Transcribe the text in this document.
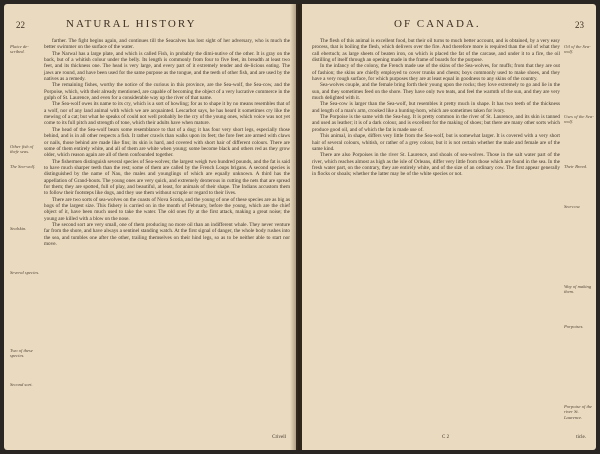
22	NATURAL HISTORY
Plaice de-scribed.
Other fish of thefe seas.
The Sea-wolf.
Sealskin.
Several species.
Two of these species.
Second sort.

farther. The fight begins again, and continues till the Seacalves has lost sight of her adversary, who is much the better swimmer on the surface of the water.

The Narwal has a large plate, and which is called Fish, in probably the dimi-nutive of the other. It is gray on the back, but of a whitish colour under the belly. Its length is commonly from four to five feet, its breadth at least two feet, and its thickness one. The head is very large, and every part of it extremely tender and de-licious eating. The jaws are round, and have been used for the same purpose as the tongue, and the teeth of other fish, and are used by the natives as a remedy.

The remaining fishes, worthy the notice of the curious in this province, are the Sea-wolf, the Sea-cow, and the Porpoise, which, with their already mentioned, are capable of becoming the object of a very lucrative commerce in the gulph of St. Laurence, and even for a considerable way up the river of that name.

The Sea-wolf owes its name to its cry, which is a sort of howling; for as to shape it by no means resembles that of a wolf, nor of any land animal with which we are acquainted. Lescarbot says, he has heard it sometimes cry like the mewing of a cat; but what he speaks of could not well probably be the cry of the young ones, which voice was not yet come to its full pitch and strength of tone, which their adults have when mature.

The head of the Sea-wolf bears some resemblance to that of a dog; it has four very short legs, especially those behind, and is in all other respects a fish. It rather crawls than walks upon its feet; the fore feet are armed with claws or nails, those behind are made like fins; its skin is hard, and covered with short hair of different colours. There are some of them entirely white, and all of them are white when young; some become black and others red as they grow older, which reason again are all of them confounded together.

The fishermen distinguish several species of Sea-wolves; the largest weigh two hundred pounds, and the fat is said to have much sharper teeth than the rest; some of them are called by the French Loups brigans. A second species is distinguished by the name of Nau, the males and younglings of which are equally unknown. A third has the appellation of Grand-bouts. The young ones are very quick, and extremely dexterous in cutting the nets that are spread for them; they are spotted, full of play, and beautiful, at least, for animals of their shape. The Indians accustom them to follow their footsteps like dogs, and they use them without scruple or regard to their lives.

There are two sorts of sea-wolves on the coasts of Nova Scotia, and the young of one of these species are as big as hogs of the largest size. This fishery is carried on in the month of February, before the young, which are the chief object of it, have been much used to take the water. The old ones fly at the first attack, making a great noise; the young are killed with a blow on the nose.

The second sort are very small, one of them producing no more oil than an indifferent whale. They never venture far from the shore, and have always a sentinel standing watch. At the first signal of danger, the whole body rushes into the sea, and tumbles one after the other, trailing themselves on their hind legs, so as to be neither able to start nor move.

Crivell
OF CANADA.	23
Oil of the Sea-wolf.
Uses of the Sea-wolf.
Their Breed.
Sea-cow.
Way of making them.
Porpoises.
Porpoise of the river St. Laurence.

The flesh of this animal is excellent food, but their oil turns to much better account, and is obtained, by a very easy process, that is boiling the flesh, which delivers over the fire. And therefore more is required than the oil of what they call ebertuch; as large sheets of beaten iron, on which is placed the fat of the carcase, and under it to a fire, the oil distilling of itself through an opening made in the frame of boards for the purpose.

In the infancy of the colony, the French made use of the skins of the Sea-wolves, for muffs; from that they are out of fashion; the skins are chiefly employed to cover trunks and chests; boys commonly used to make shoes, and they have a very rough surface, for which purposes they are at least equal in goodness to any skins of the country.

Sea-wolves couple, and the female bring forth their young upon the rocks; they love extremely to go and lie in the sun, and they sometimes feed on the shore. They have only two teats, and feel the warmth of the sun, and they are very much delighted with it.

The Sea-cow is larger than the Sea-wolf, but resembles it pretty much in shape. It has two teeth of the thickness and length of a man's arm, crooked like a hunting-horn, which are sometimes taken for ivory.

The Porpoise is the same with the Sea-hog. It is pretty common in the river of St. Laurence, and its skin is tanned and used as leather; it is of a dark colour, and is excellent for the making of shoes; but there are many other sorts which produce good oil, and of which the fat is made use of.

This animal, in shape, differs very little from the Sea-wolf, but is somewhat larger. It is covered with a very short hair of several colours, whitish, or rather of a grey colour, but it is not certain whether the male and female are of the same kind.

There are also Porpoises in the river St. Laurence, and shoals of sea-wolves. Those in the salt water part of the river, which reaches almost as high as the isle of Orleans, differ very little from those which are found in the sea. In the fresh water part, on the contrary, they are entirely white, and of the size of an ordinary cow. The first appear generally in flocks or shoals; whether the latter may be of the white species or not.

C 2	ticle.
